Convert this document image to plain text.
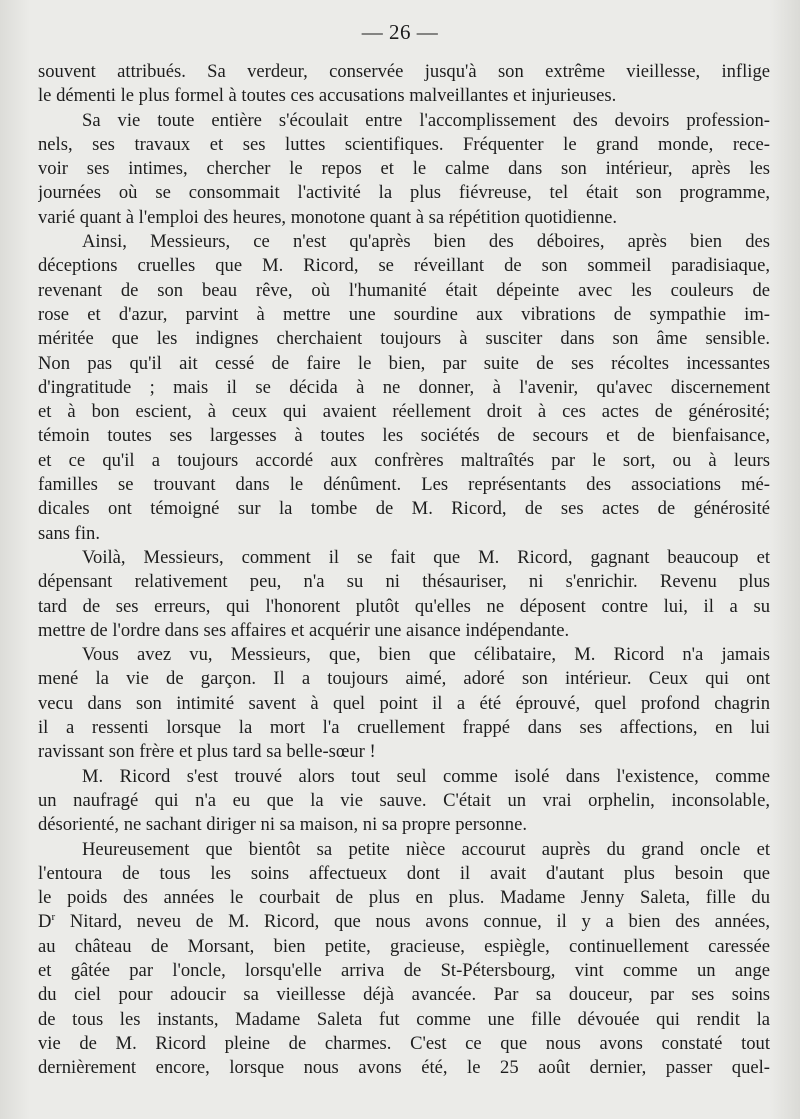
— 26 —
souvent attribués. Sa verdeur, conservée jusqu'à son extrême vieillesse, inflige
le démenti le plus formel à toutes ces accusations malveillantes et injurieuses.
Sa vie toute entière s'écoulait entre l'accomplissement des devoirs profession-
nels, ses travaux et ses luttes scientifiques. Fréquenter le grand monde, rece-
voir ses intimes, chercher le repos et le calme dans son intérieur, après les
journées où se consommait l'activité la plus fiévreuse, tel était son programme,
varié quant à l'emploi des heures, monotone quant à sa répétition quotidienne.
Ainsi, Messieurs, ce n'est qu'après bien des déboires, après bien des
déceptions cruelles que M. Ricord, se réveillant de son sommeil paradisiaque,
revenant de son beau rêve, où l'humanité était dépeinte avec les couleurs de
rose et d'azur, parvint à mettre une sourdine aux vibrations de sympathie im-
méritée que les indignes cherchaient toujours à susciter dans son âme sensible.
Non pas qu'il ait cessé de faire le bien, par suite de ses récoltes incessantes
d'ingratitude ; mais il se décida à ne donner, à l'avenir, qu'avec discernement
et à bon escient, à ceux qui avaient réellement droit à ces actes de générosité;
témoin toutes ses largesses à toutes les sociétés de secours et de bienfaisance,
et ce qu'il a toujours accordé aux confrères maltraîtés par le sort, ou à leurs
familles se trouvant dans le dénûment. Les représentants des associations mé-
dicales ont témoigné sur la tombe de M. Ricord, de ses actes de générosité
sans fin.
Voilà, Messieurs, comment il se fait que M. Ricord, gagnant beaucoup et
dépensant relativement peu, n'a su ni thésauriser, ni s'enrichir. Revenu plus
tard de ses erreurs, qui l'honorent plutôt qu'elles ne déposent contre lui, il a su
mettre de l'ordre dans ses affaires et acquérir une aisance indépendante.
Vous avez vu, Messieurs, que, bien que célibataire, M. Ricord n'a jamais
mené la vie de garçon. Il a toujours aimé, adoré son intérieur. Ceux qui ont
vecu dans son intimité savent à quel point il a été éprouvé, quel profond chagrin
il a ressenti lorsque la mort l'a cruellement frappé dans ses affections, en lui
ravissant son frère et plus tard sa belle-sœur !
M. Ricord s'est trouvé alors tout seul comme isolé dans l'existence, comme
un naufragé qui n'a eu que la vie sauve. C'était un vrai orphelin, inconsolable,
désorienté, ne sachant diriger ni sa maison, ni sa propre personne.
Heureusement que bientôt sa petite nièce accourut auprès du grand oncle et
l'entoura de tous les soins affectueux dont il avait d'autant plus besoin que
le poids des années le courbait de plus en plus. Madame Jenny Saleta, fille du
$D^r$ Nitard, neveu de M. Ricord, que nous avons connue, il y a bien des années,
au château de Morsant, bien petite, gracieuse, espiègle, continuellement caressée
et gâtée par l'oncle, lorsqu'elle arriva de St-Pétersbourg, vint comme un ange
du ciel pour adoucir sa vieillesse déjà avancée. Par sa douceur, par ses soins
de tous les instants, Madame Saleta fut comme une fille dévouée qui rendit la
vie de M. Ricord pleine de charmes. C'est ce que nous avons constaté tout
dernièrement encore, lorsque nous avons été, le 25 août dernier, passer quel-
